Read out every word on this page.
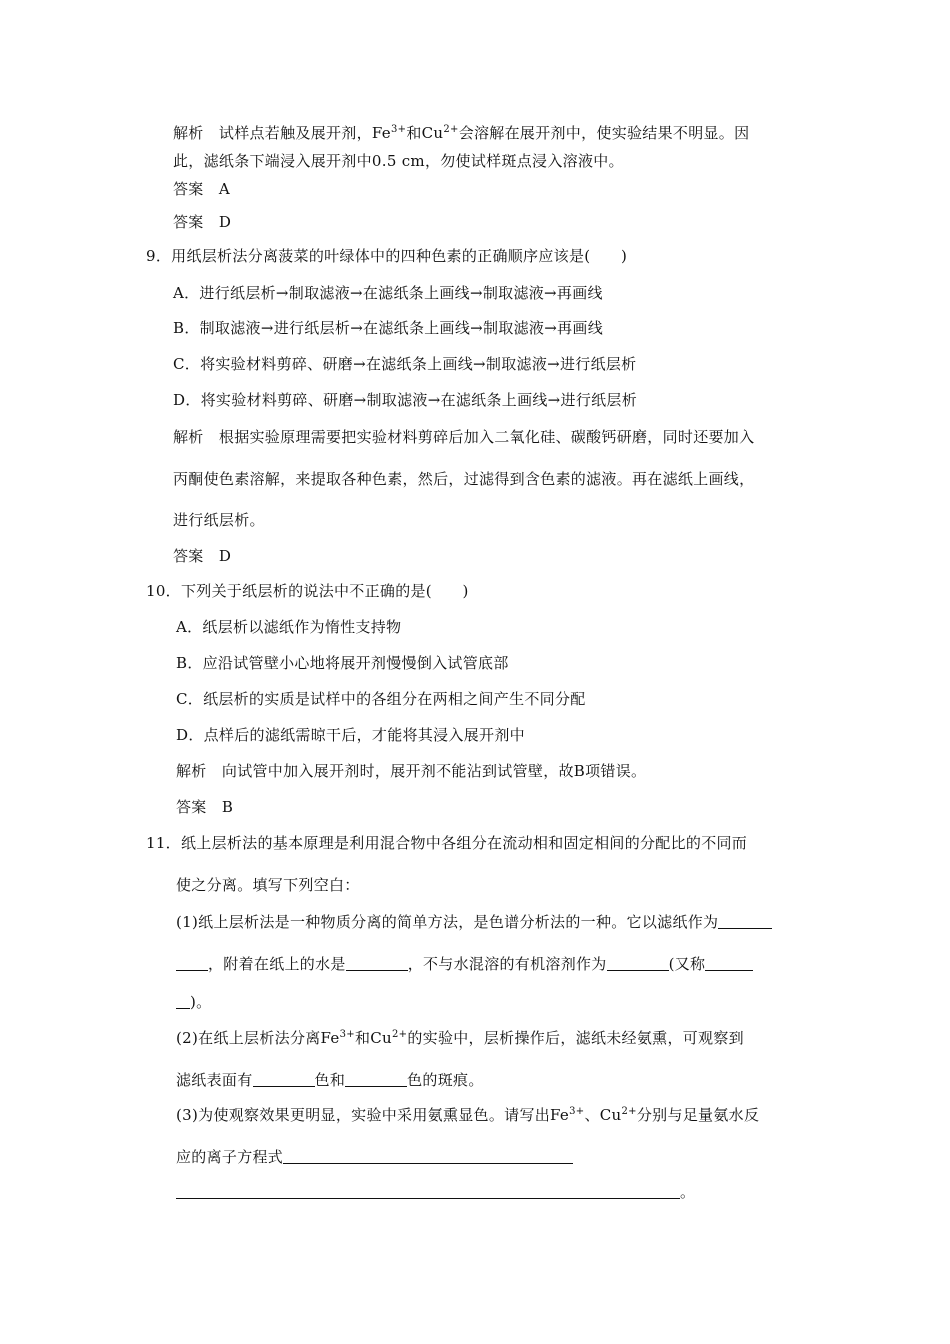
解析　试样点若触及展开剂，$Fe^{3+}$和$Cu^{2+}$会溶解在展开剂中，使实验结果不明显。因
此，滤纸条下端浸入展开剂中0.5 cm，勿使试样斑点浸入溶液中。
答案　A
答案　D
9．用纸层析法分离菠菜的叶绿体中的四种色素的正确顺序应该是(　　)
A．进行纸层析→制取滤液→在滤纸条上画线→制取滤液→再画线
B．制取滤液→进行纸层析→在滤纸条上画线→制取滤液→再画线
C．将实验材料剪碎、研磨→在滤纸条上画线→制取滤液→进行纸层析
D．将实验材料剪碎、研磨→制取滤液→在滤纸条上画线→进行纸层析
解析　根据实验原理需要把实验材料剪碎后加入二氧化硅、碳酸钙研磨，同时还要加入
丙酮使色素溶解，来提取各种色素，然后，过滤得到含色素的滤液。再在滤纸上画线，
进行纸层析。
答案　D
10．下列关于纸层析的说法中不正确的是(　　)
A．纸层析以滤纸作为惰性支持物
B．应沿试管壁小心地将展开剂慢慢倒入试管底部
C．纸层析的实质是试样中的各组分在两相之间产生不同分配
D．点样后的滤纸需晾干后，才能将其浸入展开剂中
解析　向试管中加入展开剂时，展开剂不能沾到试管壁，故B项错误。
答案　B
11．纸上层析法的基本原理是利用混合物中各组分在流动相和固定相间的分配比的不同而
使之分离。填写下列空白：
(1)纸上层析法是一种物质分离的简单方法，是色谱分析法的一种。它以滤纸作为
，附着在纸上的水是	，不与水混溶的有机溶剂作为	(又称
)。
(2)在纸上层析法分离$Fe^{3+}$和$Cu^{2+}$的实验中，层析操作后，滤纸未经氨熏，可观察到
滤纸表面有	色和	色的斑痕。
(3)为使观察效果更明显，实验中采用氨熏显色。请写出$Fe^{3+}$、$Cu^{2+}$分别与足量氨水反
应的离子方程式
。
